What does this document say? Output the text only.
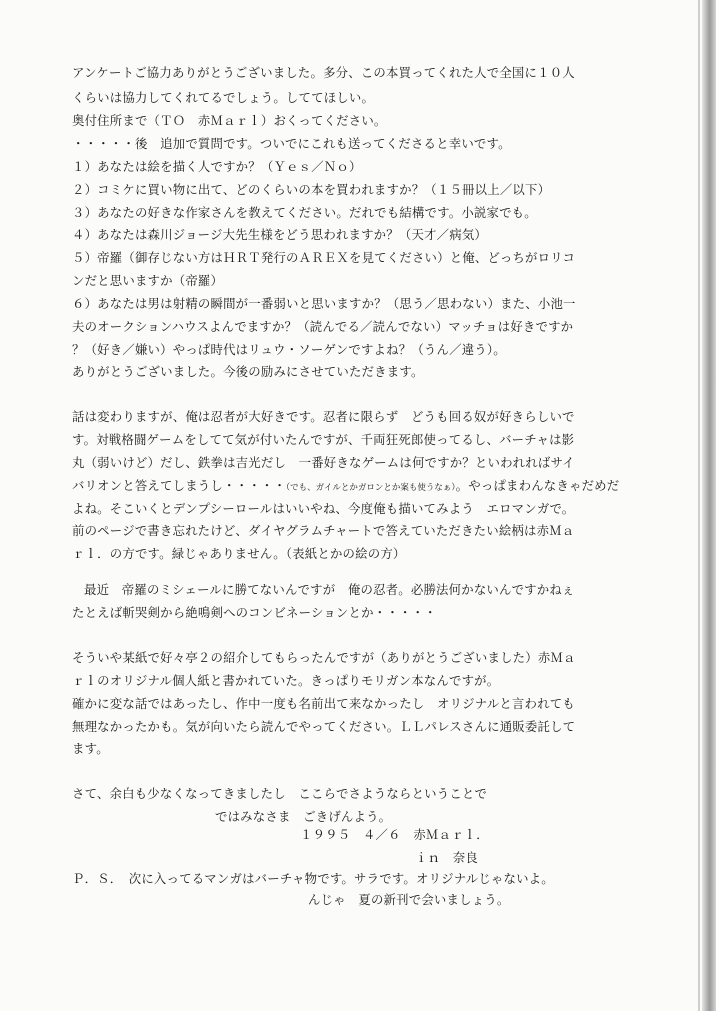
アンケートご協力ありがとうございました。多分、この本買ってくれた人で全国に１０人
くらいは協力してくれてるでしょう。しててほしい。
奥付住所まで（ＴＯ　赤Ｍａｒｌ）おくってください。
・・・・・後　追加で質問です。ついでにこれも送ってくださると幸いです。
１）あなたは絵を描く人ですか？（Ｙｅｓ／Ｎｏ）
２）コミケに買い物に出て、どのくらいの本を買われますか？（１５冊以上／以下）
３）あなたの好きな作家さんを教えてください。だれでも結構です。小説家でも。
４）あなたは森川ジョージ大先生様をどう思われますか？（天才／病気）
５）帝羅（御存じない方はＨＲＴ発行のＡＲＥＸを見てください）と俺、どっちがロリコ
ンだと思いますか（帝羅）
６）あなたは男は射精の瞬間が一番弱いと思いますか？（思う／思わない）また、小池一
夫のオークションハウスよんでますか？（読んでる／読んでない）マッチョは好きですか
？（好き／嫌い）やっぱ時代はリュウ・ソーゲンですよね？（うん／違う）。
ありがとうございました。今後の励みにさせていただきます。
話は変わりますが、俺は忍者が大好きです。忍者に限らず　どうも回る奴が好きらしいで
す。対戦格闘ゲームをしてて気が付いたんですが、千両狂死郎使ってるし、バーチャは影
丸（弱いけど）だし、鉄拳は吉光だし　一番好きなゲームは何ですか？といわれればサイ
バリオンと答えてしまうし・・・・・（でも、ガイルとかガロンとか案も使うなぁ）。やっぱまわんなきゃだめだ
よね。そこいくとデンプシーロールはいいやね、今度俺も描いてみよう　エロマンガで。
前のページで書き忘れたけど、ダイヤグラムチャートで答えていただきたい絵柄は赤Ｍａ
ｒｌ．の方です。緑じゃありません。（表紙とかの絵の方）
最近　帝羅のミシェールに勝てないんですが　俺の忍者。必勝法何かないんですかねぇ
たとえば斬哭剣から絶鳴剣へのコンビネーションとか・・・・・
そういや某紙で好々亭２の紹介してもらったんですが（ありがとうございました）赤Ｍａ
ｒｌのオリジナル個人紙と書かれていた。きっぱりモリガン本なんですが。
確かに変な話ではあったし、作中一度も名前出て来なかったし　オリジナルと言われても
無理なかったかも。気が向いたら読んでやってください。ＬＬパレスさんに通販委託して
ます。
さて、余白も少なくなってきましたし　ここらでさようならということで
ではみなさま　ごきげんよう。
１９９５　４／６　赤Ｍａｒｌ．
ｉｎ　奈良
Ｐ．Ｓ．　次に入ってるマンガはバーチャ物です。サラです。オリジナルじゃないよ。
んじゃ　夏の新刊で会いましょう。
